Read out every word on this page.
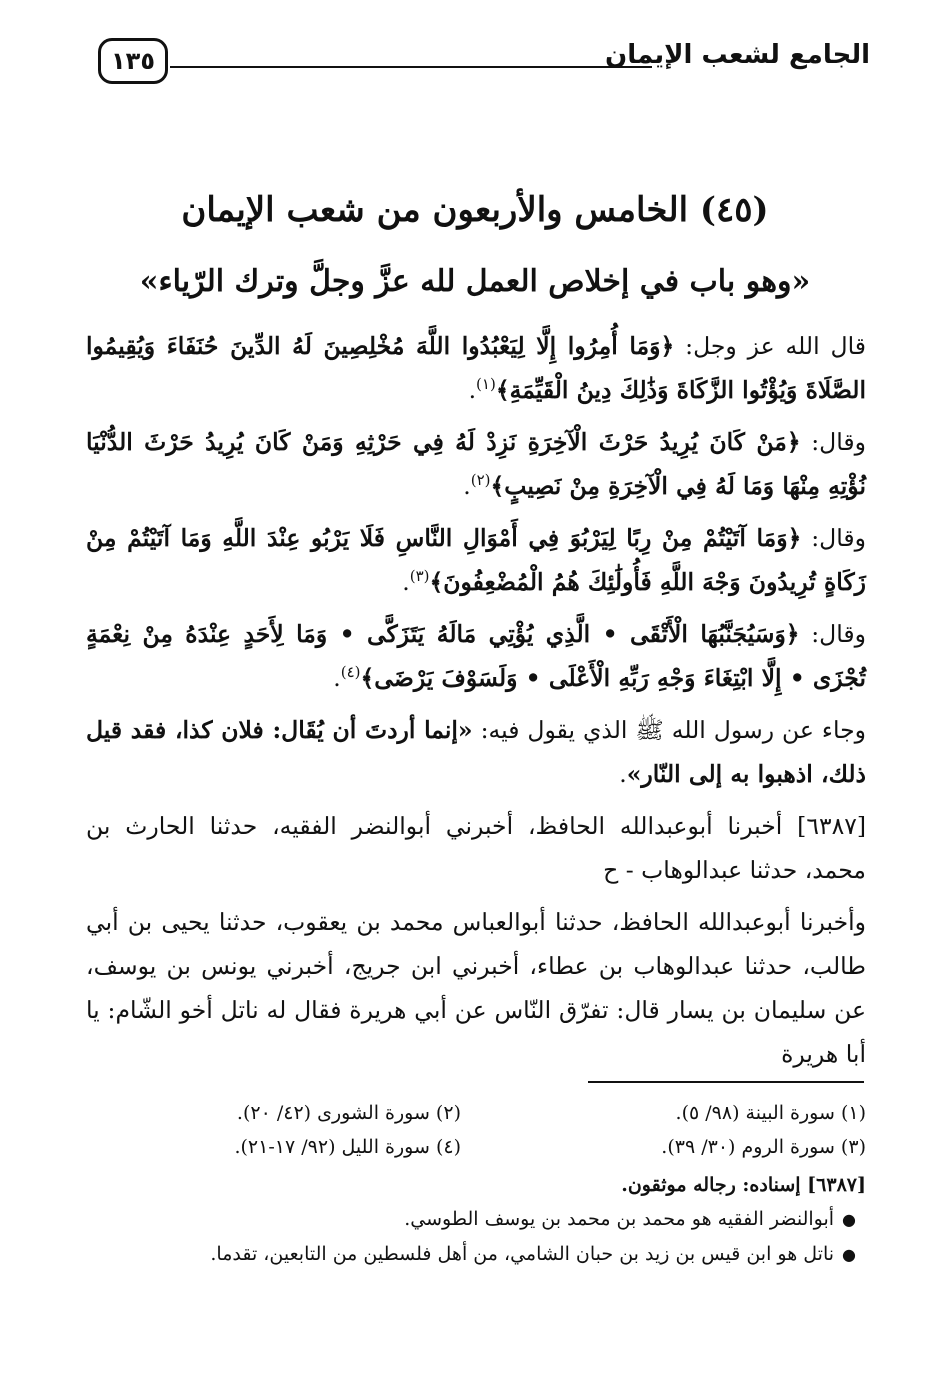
الجامع لشعب الإيمان
١٣٥
(٤٥) الخامس والأربعون من شعب الإيمان
«وهو باب في إخلاص العمل لله عزَّ وجلَّ وترك الرّياء»

قال الله عز وجل: ﴿وَمَا أُمِرُوا إِلَّا لِيَعْبُدُوا اللَّهَ مُخْلِصِينَ لَهُ الدِّينَ حُنَفَاءَ وَيُقِيمُوا الصَّلَاةَ وَيُؤْتُوا الزَّكَاةَ وَذَٰلِكَ دِينُ الْقَيِّمَةِ﴾$^{(١)}$.

وقال: ﴿مَنْ كَانَ يُرِيدُ حَرْثَ الْآخِرَةِ نَزِدْ لَهُ فِي حَرْثِهِ وَمَنْ كَانَ يُرِيدُ حَرْثَ الدُّنْيَا نُؤْتِهِ مِنْهَا وَمَا لَهُ فِي الْآخِرَةِ مِنْ نَصِيبٍ﴾$^{(٢)}$.

وقال: ﴿وَمَا آتَيْتُمْ مِنْ رِبًا لِيَرْبُوَ فِي أَمْوَالِ النَّاسِ فَلَا يَرْبُو عِنْدَ اللَّهِ وَمَا آتَيْتُمْ مِنْ زَكَاةٍ تُرِيدُونَ وَجْهَ اللَّهِ فَأُولَٰئِكَ هُمُ الْمُضْعِفُونَ﴾$^{(٣)}$.

وقال: ﴿وَسَيُجَنَّبُهَا الْأَتْقَى • الَّذِي يُؤْتِي مَالَهُ يَتَزَكَّى • وَمَا لِأَحَدٍ عِنْدَهُ مِنْ نِعْمَةٍ تُجْزَى • إِلَّا ابْتِغَاءَ وَجْهِ رَبِّهِ الْأَعْلَى • وَلَسَوْفَ يَرْضَى﴾$^{(٤)}$.

وجاء عن رسول الله ﷺ الذي يقول فيه: «إنما أردتَ أن يُقَال: فلان كذا، فقد قيل ذلك، اذهبوا به إلى النّار».

[٦٣٨٧] أخبرنا أبوعبدالله الحافظ، أخبرني أبوالنضر الفقيه، حدثنا الحارث بن محمد، حدثنا عبدالوهاب - ح

وأخبرنا أبوعبدالله الحافظ، حدثنا أبوالعباس محمد بن يعقوب، حدثنا يحيى بن أبي طالب، حدثنا عبدالوهاب بن عطاء، أخبرني ابن جريج، أخبرني يونس بن يوسف، عن سليمان بن يسار قال: تفرّق النّاس عن أبي هريرة فقال له ناتل أخو الشّام: يا أبا هريرة

(١) سورة البينة (٩٨/ ٥).
(٢) سورة الشورى (٤٢/ ٢٠).
(٣) سورة الروم (٣٠/ ٣٩).
(٤) سورة الليل (٩٢/ ١٧-٢١).
[٦٣٨٧] إسناده: رجاله موثقون.
●أبوالنضر الفقيه هو محمد بن محمد بن يوسف الطوسي.
●ناتل هو ابن قيس بن زيد بن حبان الشامي، من أهل فلسطين من التابعين، تقدما.
